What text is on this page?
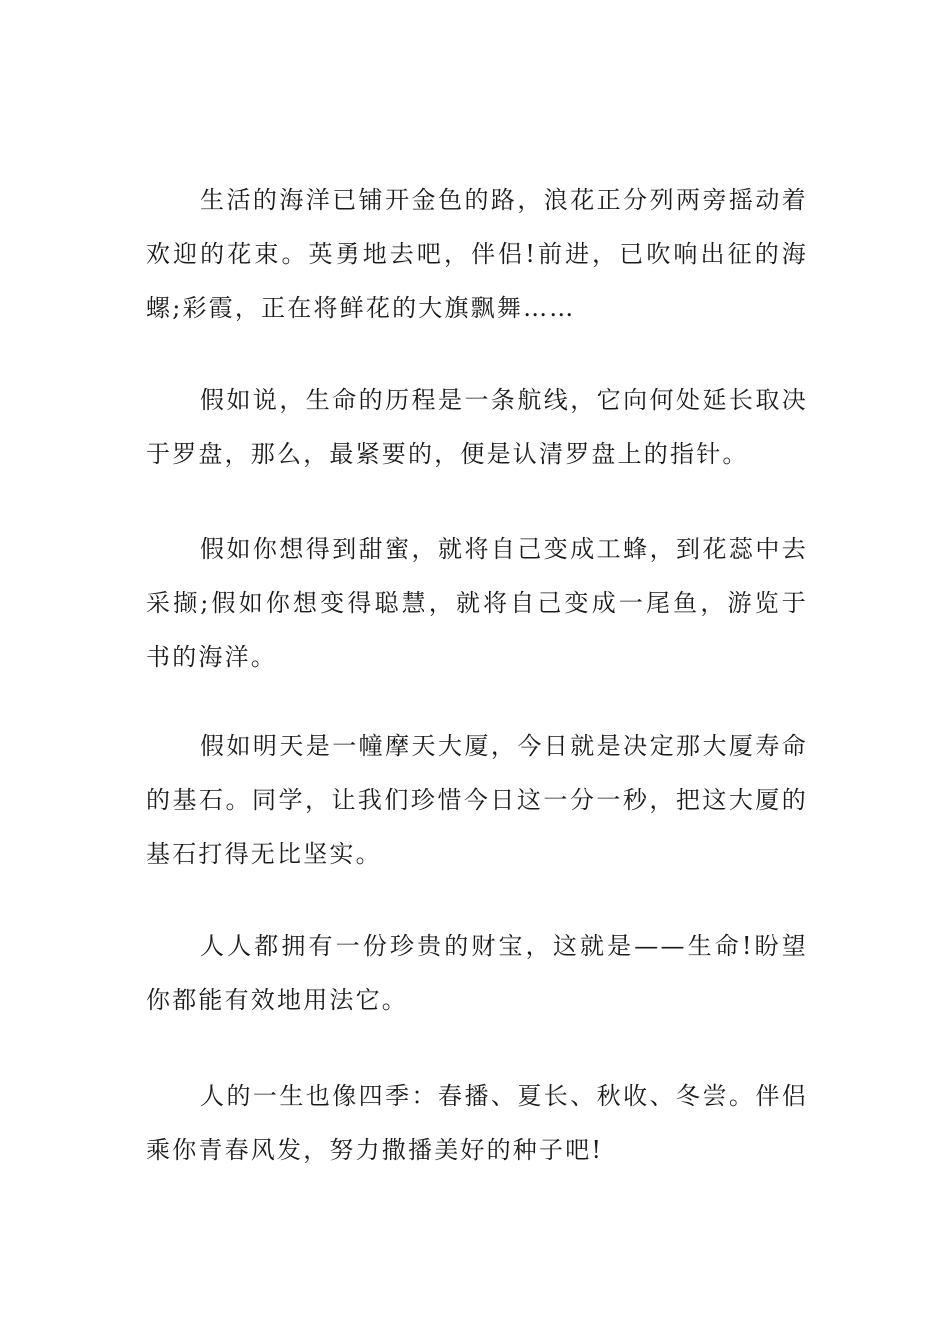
生活的海洋已铺开金色的路，浪花正分列两旁摇动着欢迎的花束。英勇地去吧，伴侣!前进，已吹响出征的海螺;彩霞，正在将鲜花的大旗飘舞……

假如说，生命的历程是一条航线，它向何处延长取决于罗盘，那么，最紧要的，便是认清罗盘上的指针。

假如你想得到甜蜜，就将自己变成工蜂，到花蕊中去采撷;假如你想变得聪慧，就将自己变成一尾鱼，游览于书的海洋。

假如明天是一幢摩天大厦，今日就是决定那大厦寿命的基石。同学，让我们珍惜今日这一分一秒，把这大厦的基石打得无比坚实。

人人都拥有一份珍贵的财宝，这就是——生命!盼望你都能有效地用法它。

人的一生也像四季：春播、夏长、秋收、冬尝。伴侣乘你青春风发，努力撒播美好的种子吧!
